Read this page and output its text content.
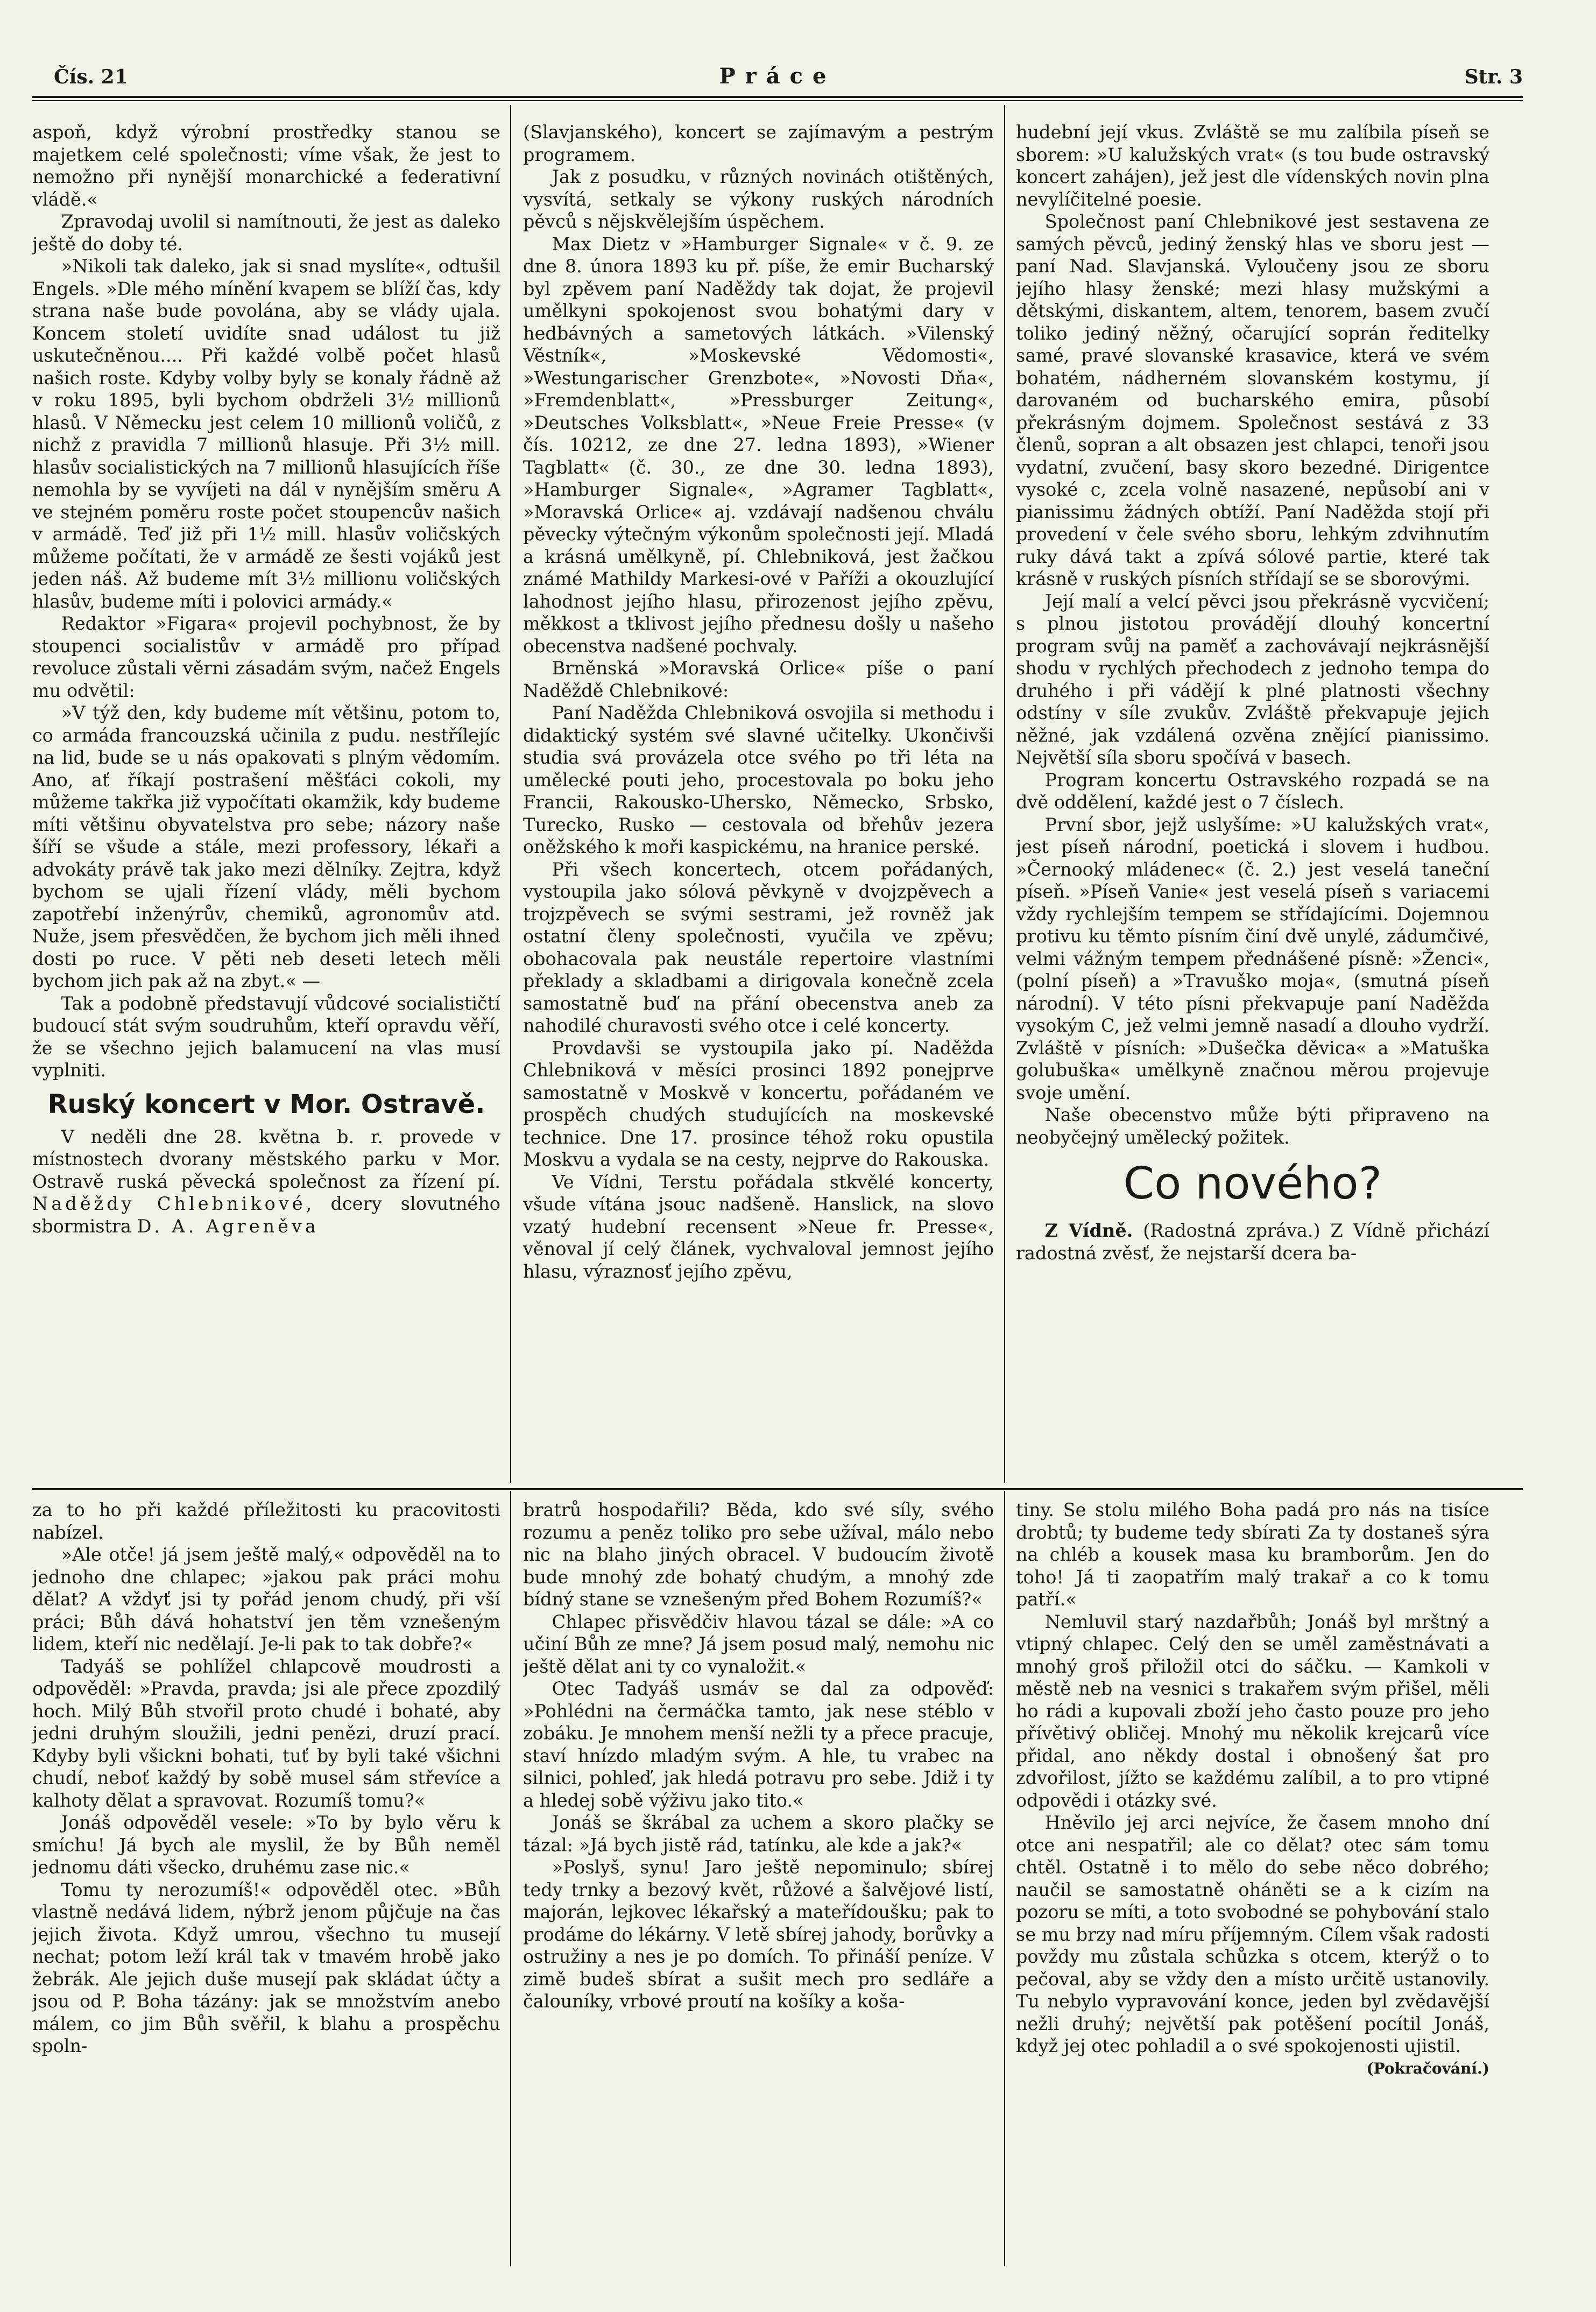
Čís. 21	Práce	Str. 3

aspoň, když výrobní prostředky stanou se majetkem celé společnosti; víme však, že jest to nemožno při nynější monarchické a federativní vládě.«

Zpravodaj uvolil si namítnouti, že jest as daleko ještě do doby té.

»Nikoli tak daleko, jak si snad myslíte«, odtušil Engels. »Dle mého mínění kvapem se blíží čas, kdy strana naše bude povolána, aby se vlády ujala. Koncem století uvidíte snad událost tu již uskutečněnou.... Při každé volbě počet hlasů našich roste. Kdyby volby byly se konaly řádně až v roku 1895, byli bychom obdrželi 3½ millionů hlasů. V Německu jest celem 10 millionů voličů, z nichž z pravidla 7 millionů hlasuje. Při 3½ mill. hlasův socialistických na 7 millionů hlasujících říše nemohla by se vyvíjeti na dál v nynějším směru A ve stejném poměru roste počet stoupencův našich v armádě. Teď již při 1½ mill. hlasův voličských můžeme počítati, že v armádě ze šesti vojáků jest jeden náš. Až budeme mít 3½ millionu voličských hlasův, budeme míti i polovici armády.«

Redaktor »Figara« projevil pochybnost, že by stoupenci socialistův v armádě pro případ revoluce zůstali věrni zásadám svým, načež Engels mu odvětil:

»V týž den, kdy budeme mít většinu, potom to, co armáda francouzská učinila z pudu. nestřílejíc na lid, bude se u nás opakovati s plným vědomím. Ano, ať říkají postrašení měšťáci cokoli, my můžeme takřka již vypočítati okamžik, kdy budeme míti většinu obyvatelstva pro sebe; názory naše šíří se všude a stále, mezi professory, lékaři a advokáty právě tak jako mezi dělníky. Zejtra, když bychom se ujali řízení vlády, měli bychom zapotřebí inženýrův, chemiků, agronomův atd. Nuže, jsem přesvědčen, že bychom jich měli ihned dosti po ruce. V pěti neb deseti letech měli bychom jich pak až na zbyt.« —

Tak a podobně představují vůdcové socialističtí budoucí stát svým soudruhům, kteří opravdu věří, že se všechno jejich balamucení na vlas musí vyplniti.

Ruský koncert v Mor. Ostravě.

V neděli dne 28. května b. r. provede v místnostech dvorany městského parku v Mor. Ostravě ruská pěvecká společnost za řízení pí. Naděždy Chlebnikové, dcery slovutného sbormistra D. A. Agreněva

(Slavjanského), koncert se zajímavým a pestrým programem.

Jak z posudku, v různých novinách otištěných, vysvítá, setkaly se výkony ruských národních pěvců s nějskvělejším úspěchem.

Max Dietz v »Hamburger Signale« v č. 9. ze dne 8. února 1893 ku př. píše, že emir Bucharský byl zpěvem paní Naděždy tak dojat, že projevil umělkyni spokojenost svou bohatými dary v hedbávných a sametových látkách. »Vilenský Věstník«, »Moskevské Vědomosti«, »Westungarischer Grenzbote«, »Novosti Dňa«, »Fremdenblatt«, »Pressburger Zeitung«, »Deutsches Volksblatt«, »Neue Freie Presse« (v čís. 10212, ze dne 27. ledna 1893), »Wiener Tagblatt« (č. 30., ze dne 30. ledna 1893), »Hamburger Signale«, »Agramer Tagblatt«, »Moravská Orlice« aj. vzdávají nadšenou chválu pěvecky výtečným výkonům společnosti její. Mladá a krásná umělkyně, pí. Chlebniková, jest žačkou známé Mathildy Markesi-ové v Paříži a okouzlující lahodnost jejího hlasu, přirozenost jejího zpěvu, měkkost a tklivost jejího přednesu došly u našeho obecenstva nadšené pochvaly.

Brněnská »Moravská Orlice« píše o paní Naděždě Chlebnikové:

Paní Naděžda Chlebniková osvojila si methodu i didaktický systém své slavné učitelky. Ukončivši studia svá provázela otce svého po tři léta na umělecké pouti jeho, procestovala po boku jeho Francii, Rakousko-Uhersko, Německo, Srbsko, Turecko, Rusko — cestovala od břehův jezera oněžského k moři kaspickému, na hranice perské.

Při všech koncertech, otcem pořádaných, vystoupila jako sólová pěvkyně v dvojzpěvech a trojzpěvech se svými sestrami, jež rovněž jak ostatní členy společnosti, vyučila ve zpěvu; obohacovala pak neustále repertoire vlastními překlady a skladbami a dirigovala konečně zcela samostatně buď na přání obecenstva aneb za nahodilé churavosti svého otce i celé koncerty.

Provdavši se vystoupila jako pí. Naděžda Chlebniková v měsíci prosinci 1892 ponejprve samostatně v Moskvě v koncertu, pořádaném ve prospěch chudých studujících na moskevské technice. Dne 17. prosince téhož roku opustila Moskvu a vydala se na cesty, nejprve do Rakouska.

Ve Vídni, Terstu pořádala stkvělé koncerty, všude vítána jsouc nadšeně. Hanslick, na slovo vzatý hudební recensent »Neue fr. Presse«, věnoval jí celý článek, vychvaloval jemnost jejího hlasu, výraznosť jejího zpěvu,

hudební její vkus. Zvláště se mu zalíbila píseň se sborem: »U kalužských vrat« (s tou bude ostravský koncert zahájen), jež jest dle vídenských novin plna nevylíčitelné poesie.

Společnost paní Chlebnikové jest sestavena ze samých pěvců, jediný ženský hlas ve sboru jest — paní Nad. Slavjanská. Vyloučeny jsou ze sboru jejího hlasy ženské; mezi hlasy mužskými a dětskými, diskantem, altem, tenorem, basem zvučí toliko jediný něžný, očarující soprán ředitelky samé, pravé slovanské krasavice, která ve svém bohatém, nádherném slovanském kostymu, jí darovaném od bucharského emira, působí překrásným dojmem. Společnost sestává z 33 členů, sopran a alt obsazen jest chlapci, tenoři jsou vydatní, zvučení, basy skoro bezedné. Dirigentce vysoké c, zcela volně nasazené, nepůsobí ani v pianissimu žádných obtíží. Paní Naděžda stojí při provedení v čele svého sboru, lehkým zdvihnutím ruky dává takt a zpívá sólové partie, které tak krásně v ruských písních střídají se se sborovými.

Její malí a velcí pěvci jsou překrásně vycvičení; s plnou jistotou provádějí dlouhý koncertní program svůj na paměť a zachovávají nejkrásnější shodu v rychlých přechodech z jednoho tempa do druhého i při vádějí k plné platnosti všechny odstíny v síle zvukův. Zvláště překvapuje jejich něžné, jak vzdálená ozvěna znějící pianissimo. Největší síla sboru spočívá v basech.

Program koncertu Ostravského rozpadá se na dvě oddělení, každé jest o 7 číslech.

První sbor, jejž uslyšíme: »U kalužských vrat«, jest píseň národní, poetická i slovem i hudbou. »Černooký mládenec« (č. 2.) jest veselá taneční píseň. »Píseň Vaniе« jest veselá píseň s variacemi vždy rychlejším tempem se střídajícími. Dojemnou protivu ku těmto písním činí dvě unylé, zádumčivé, velmi vážným tempem přednášené písně: »Ženci«, (polní píseň) a »Travuško moja«, (smutná píseň národní). V této písni překvapuje paní Naděžda vysokým C, jež velmi jemně nasadí a dlouho vydrží. Zvláště v písních: »Dušečka děvica« a »Matuška golubuška« umělkyně značnou měrou projevuje svoje umění.

Naše obecenstvo může býti připraveno na neobyčejný umělecký požitek.

Co nového?

Z Vídně. (Radostná zpráva.) Z Vídně přichází radostná zvěsť, že nejstarší dcera ba-

za to ho při každé příležitosti ku pracovitosti nabízel.

»Ale otče! já jsem ještě malý,« odpověděl na to jednoho dne chlapec; »jakou pak práci mohu dělat? A vždyť jsi ty pořád jenom chudý, při vší práci; Bůh dává hohatství jen těm vznešeným lidem, kteří nic nedělají. Je-li pak to tak dobře?«

Tadyáš se pohlížel chlapcově moudrosti a odpověděl: »Pravda, pravda; jsi ale přece zpozdilý hoch. Milý Bůh stvořil proto chudé i bohaté, aby jedni druhým sloužili, jedni penězi, druzí prací. Kdyby byli všickni bohati, tuť by byli také všichni chudí, neboť každý by sobě musel sám střevíce a kalhoty dělat a spravovat. Rozumíš tomu?«

Jonáš odpověděl vesele: »To by bylo věru k smíchu! Já bych ale myslil, že by Bůh neměl jednomu dáti všecko, druhému zase nic.«

Tomu ty nerozumíš!« odpověděl otec. »Bůh vlastně nedává lidem, nýbrž jenom půjčuje na čas jejich života. Když umrou, všechno tu musejí nechat; potom leží král tak v tmavém hrobě jako žebrák. Ale jejich duše musejí pak skládat účty a jsou od P. Boha tázány: jak se množstvím anebo málem, co jim Bůh svěřil, k blahu a prospěchu spoln-

bratrů hospodařili? Běda, kdo své síly, svého rozumu a peněz toliko pro sebe užíval, málo nebo nic na blaho jiných obracel. V budoucím životě bude mnohý zde bohatý chudým, a mnohý zde bídný stane se vznešeným před Bohem Rozumíš?«

Chlapec přisvědčiv hlavou tázal se dále: »A co učiní Bůh ze mne? Já jsem posud malý, nemohu nic ještě dělat ani ty co vynaložit.«

Otec Tadyáš usmáv se dal za odpověď: »Pohlédni na čermáčka tamto, jak nese stéblo v zobáku. Je mnohem menší nežli ty a přece pracuje, staví hnízdo mladým svým. A hle, tu vrabec na silnici, pohleď, jak hledá potravu pro sebe. Jdiž i ty a hledej sobě výživu jako tito.«

Jonáš se škrábal za uchem a skoro plačky se tázal: »Já bych jistě rád, tatínku, ale kde a jak?«

»Poslyš, synu! Jaro ještě nepominulo; sbírej tedy trnky a bezový květ, růžové a šalvějové listí, majorán, lejkovec lékařský a mateřídoušku; pak to prodáme do lékárny. V letě sbírej jahody, borůvky a ostružiny a nes je po domích. To přináší peníze. V zimě budeš sbírat a sušit mech pro sedláře a čalouníky, vrbové proutí na košíky a koša-

tiny. Se stolu milého Boha padá pro nás na tisíce drobtů; ty budeme tedy sbírati Za ty dostaneš sýra na chléb a kousek masa ku bramborům. Jen do toho! Já ti zaopatřím malý trakař a co k tomu patří.«

Nemluvil starý nazdařbůh; Jonáš byl mrštný a vtipný chlapec. Celý den se uměl zaměstnávati a mnohý groš přiložil otci do sáčku. — Kamkoli v městě neb na vesnici s trakařem svým přišel, měli ho rádi a kupovali zboží jeho často pouze pro jeho přívětivý obličej. Mnohý mu několik krejcarů více přidal, ano někdy dostal i obnošený šat pro zdvořilost, jížto se každému zalíbil, a to pro vtipné odpovědi i otázky své.

Hněvilo jej arci nejvíce, že časem mnoho dní otce ani nespatřil; ale co dělat? otec sám tomu chtěl. Ostatně i to mělo do sebe něco dobrého; naučil se samostatně oháněti se a k cizím na pozoru se míti, a toto svobodné se pohybování stalo se mu brzy nad míru příjemným. Cílem však radosti povždy mu zůstala schůzka s otcem, kterýž o to pečoval, aby se vždy den a místo určitě ustanovily. Tu nebylo vypravování konce, jeden byl zvědavější nežli druhý; největší pak potěšení pocítil Jonáš, když jej otec pohladil a o své spokojenosti ujistil.

(Pokračování.)
